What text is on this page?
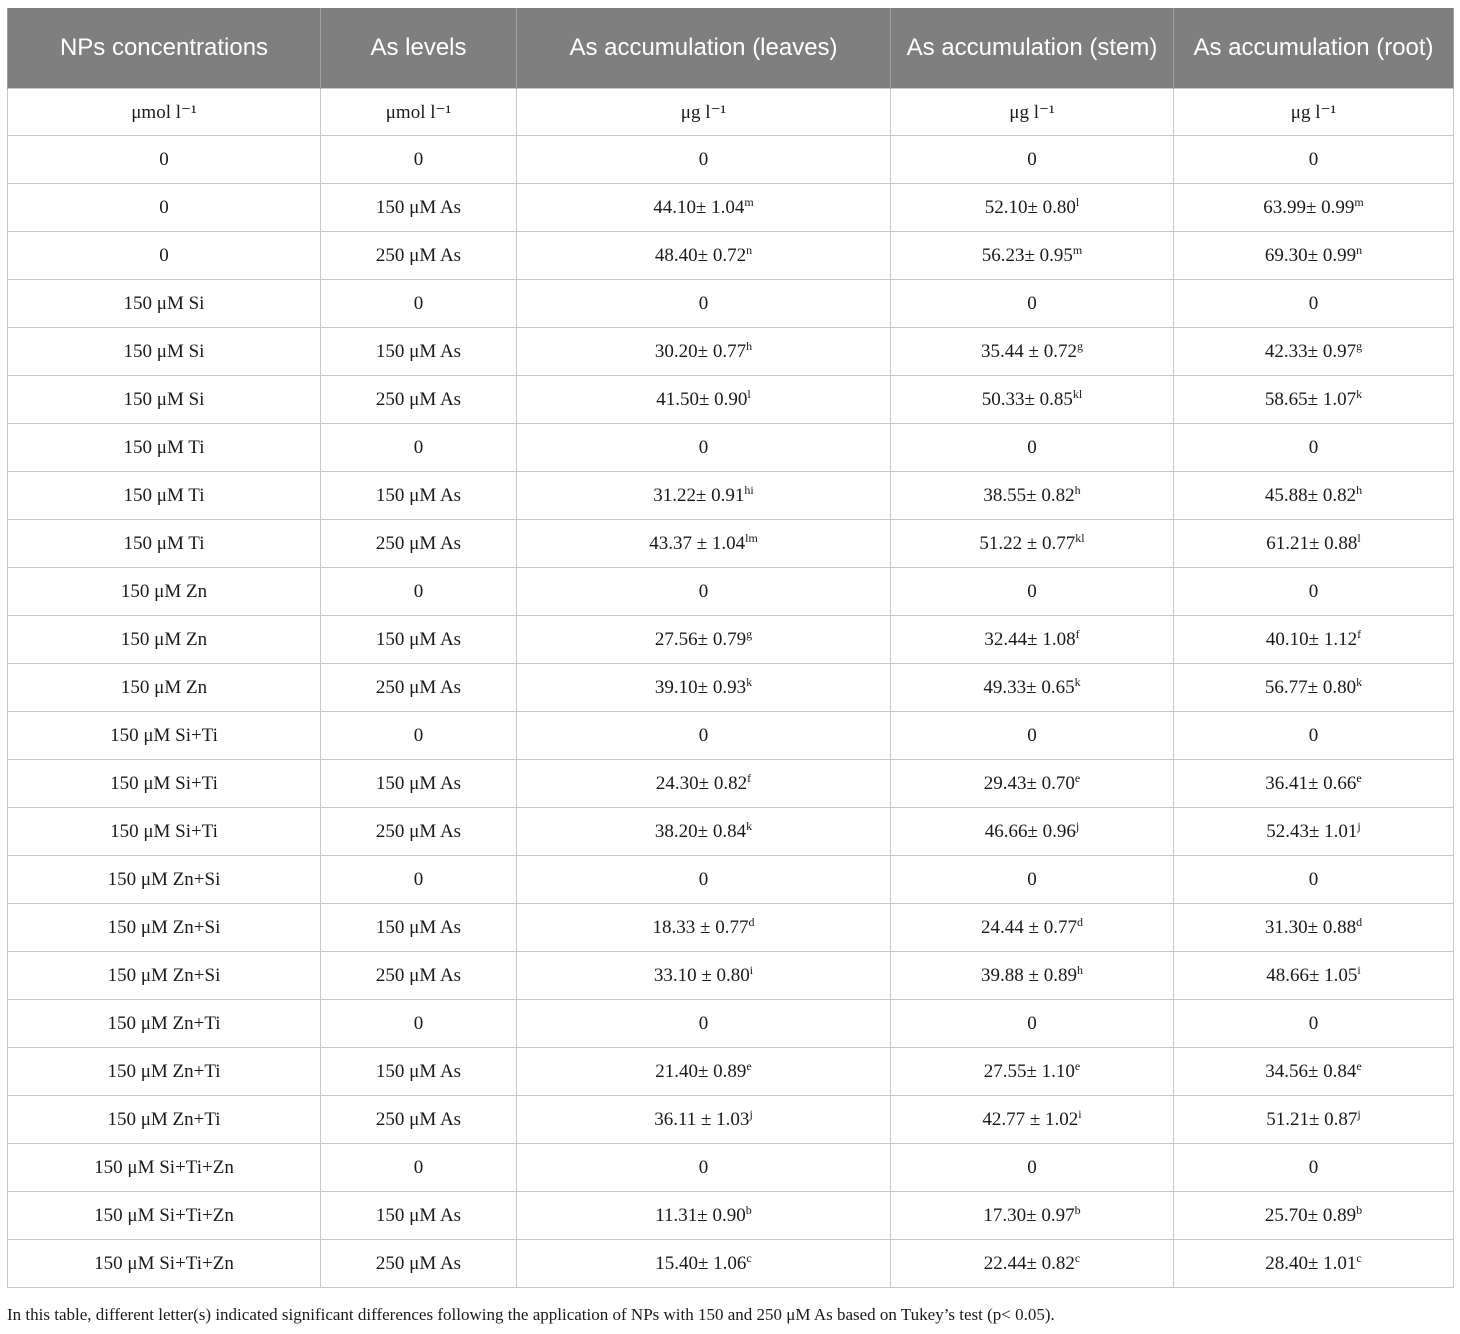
NPs concentrations	As levels	As accumulation (leaves)	As accumulation (stem)	As accumulation (root)
μmol l⁻¹	μmol l⁻¹	μg l⁻¹	μg l⁻¹	μg l⁻¹
0	0	0	0	0
0	150 μM As	$44.10\pm 1.04^m$	$52.10\pm 0.80^l$	$63.99\pm 0.99^m$
0	250 μM As	$48.40\pm 0.72^n$	$56.23\pm 0.95^m$	$69.30\pm 0.99^n$
150 μM Si	0	0	0	0
150 μM Si	150 μM As	30.20± 0.77$^h$	35.44 ± 0.72$^g$	42.33± 0.97$^g$
150 μM Si	250 μM As	$41.50\pm 0.90^l$	$50.33\pm 0.85^{kl}$	$58.65\pm 1.07^k$
150 μM Ti	0	0	0	0
150 μM Ti	150 μM As	$31.22\pm 0.91^{hi}$	38.55± 0.82$^h$	45.88± 0.82$^h$
150 μM Ti	250 μM As	$43.37 \pm 1.04^{lm}$	$51.22 \pm 0.77^{kl}$	$61.21\pm 0.88^l$
150 μM Zn	0	0	0	0
150 μM Zn	150 μM As	27.56± 0.79$^g$	32.44± 1.08$^f$	40.10± 1.12$^f$
150 μM Zn	250 μM As	$39.10\pm 0.93^k$	$49.33\pm 0.65^k$	$56.77\pm 0.80^k$
150 μM Si+Ti	0	0	0	0
150 μM Si+Ti	150 μM As	24.30± 0.82$^f$	29.43± 0.70$^e$	36.41± 0.66$^e$
150 μM Si+Ti	250 μM As	$38.20\pm 0.84^k$	$46.66\pm 0.96^j$	$52.43\pm 1.01^j$
150 μM Zn+Si	0	0	0	0
150 μM Zn+Si	150 μM As	18.33 ± 0.77$^d$	24.44 ± 0.77$^d$	31.30± 0.88$^d$
150 μM Zn+Si	250 μM As	$33.10 \pm 0.80^i$	39.88 ± 0.89$^h$	$48.66\pm 1.05^i$
150 μM Zn+Ti	0	0	0	0
150 μM Zn+Ti	150 μM As	21.40± 0.89$^e$	27.55± 1.10$^e$	34.56± 0.84$^e$
150 μM Zn+Ti	250 μM As	$36.11 \pm 1.03^j$	$42.77 \pm 1.02^i$	$51.21\pm 0.87^j$
150 μM Si+Ti+Zn	0	0	0	0
150 μM Si+Ti+Zn	150 μM As	11.31± 0.90$^b$	17.30± 0.97$^b$	25.70± 0.89$^b$
150 μM Si+Ti+Zn	250 μM As	15.40± 1.06$^c$	22.44± 0.82$^c$	28.40± 1.01$^c$
In this table, different letter(s) indicated significant differences following the application of NPs with 150 and 250 μM As based on Tukey’s test (p< 0.05).
